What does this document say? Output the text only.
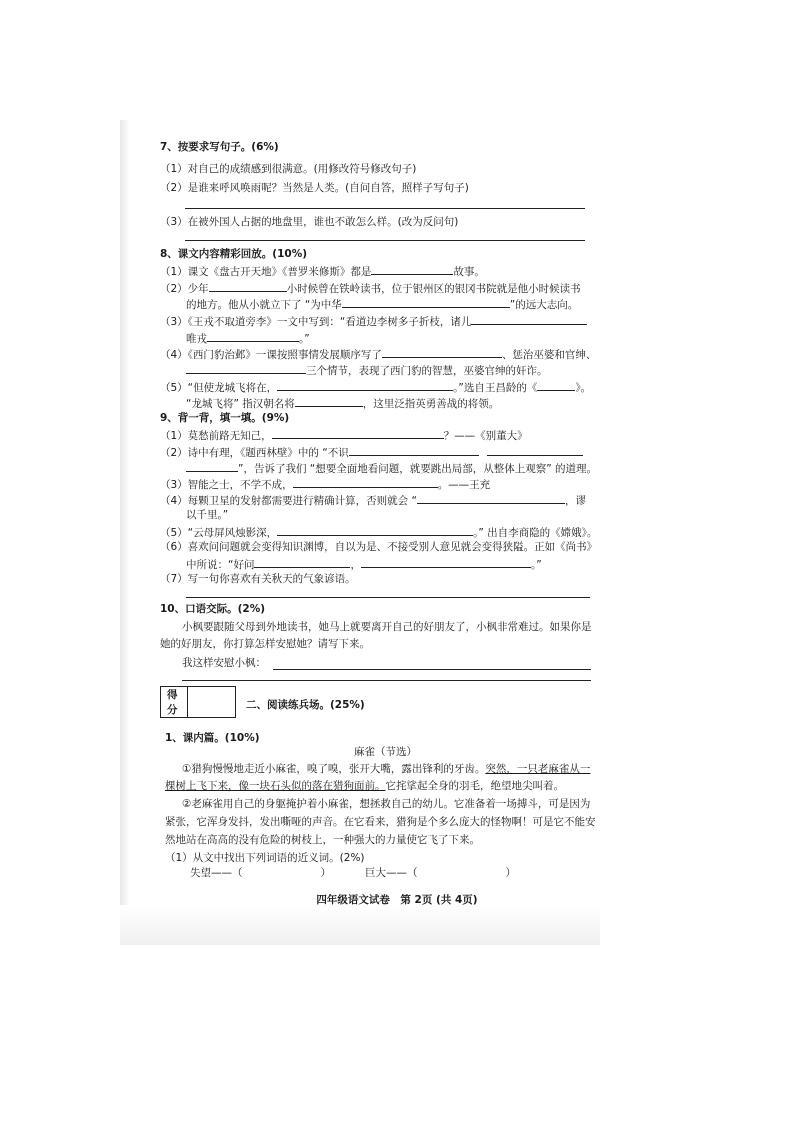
7、按要求写句子。(6%)
（1）对自己的成绩感到很满意。(用修改符号修改句子)
（2）是谁来呼风唤雨呢？当然是人类。(自问自答，照样子写句子)
（3）在被外国人占据的地盘里，谁也不敢怎么样。(改为反问句)
8、课文内容精彩回放。(10%)
（1）课文《盘古开天地》《普罗米修斯》都是	故事。
（2）少年	小时候曾在铁岭读书，位于银州区的银冈书院就是他小时候读书
的地方。他从小就立下了 “为中华	”的远大志向。
（3）《王戎不取道旁李》一文中写到：“看道边李树多子折枝，诸儿
唯戎	。”
（4）《西门豹治邺》一课按照事情发展顺序写了	、惩治巫婆和官绅、
三个情节，表现了西门豹的智慧，巫婆官绅的奸诈。
（5）“但使龙城飞将在，	。”选自王昌龄的《	》。
“龙城飞将” 指汉朝名将	，这里泛指英勇善战的将领。
9、背一背，填一填。(9%)
（1）莫愁前路无知己，	？——《别董大》
（2）诗中有理，《题西林壁》中的 “不识
”，告诉了我们 “想要全面地看问题，就要跳出局部，从整体上观察” 的道理。
（3）智能之士，不学不成，	。——王充
（4）每颗卫星的发射都需要进行精确计算，否则就会 “	，谬
以千里。”
（5）“云母屏风烛影深，	。” 出自李商隐的《嫦娥》。
（6）喜欢问问题就会变得知识渊博，自以为是、不接受别人意见就会变得狭隘。正如《尚书》
中所说：“好问	，	。”
（7）写一句你喜欢有关秋天的气象谚语。
10、口语交际。(2%)
小枫要跟随父母到外地读书，她马上就要离开自己的好朋友了，小枫非常难过。如果你是
她的好朋友，你打算怎样安慰她？请写下来。
我这样安慰小枫：
得
分	二、阅读练兵场。(25%)
1、课内篇。(10%)
麻雀（节选）
①猎狗慢慢地走近小麻雀，嗅了嗅，张开大嘴，露出锋利的牙齿。突然，一只老麻雀从一
棵树上飞下来，像一块石头似的落在猎狗面前。它挓挲起全身的羽毛，绝望地尖叫着。
②老麻雀用自己的身躯掩护着小麻雀，想拯救自己的幼儿。它准备着一场搏斗，可是因为
紧张，它浑身发抖，发出嘶哑的声音。在它看来，猎狗是个多么庞大的怪物啊！可是它不能安
然地站在高高的没有危险的树枝上，一种强大的力量使它飞了下来。
（1）从文中找出下列词语的近义词。(2%)
失望——（	）	巨大——（	）
四年级语文试卷　第 2页 (共 4页)
